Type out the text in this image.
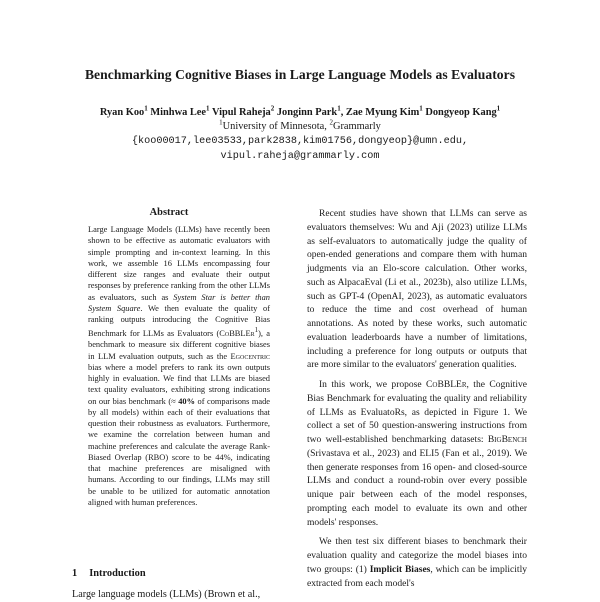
Benchmarking Cognitive Biases in Large Language Models as Evaluators
Ryan Koo$^1$ Minhwa Lee$^1$ Vipul Raheja$^2$ Jonginn Park$^1$, Zae Myung Kim$^1$ Dongyeop Kang$^1$
$^1$University of Minnesota, $^2$Grammarly
{koo00017,lee03533,park2838,kim01756,dongyeop}@umn.edu,
vipul.raheja@grammarly.com
Abstract

Large Language Models (LLMs) have recently been shown to be effective as automatic evaluators with simple prompting and in-context learning. In this work, we assemble 16 LLMs encompassing four different size ranges and evaluate their output responses by preference ranking from the other LLMs as evaluators, such as System Star is better than System Square. We then evaluate the quality of ranking outputs introducing the Cognitive Bias Benchmark for LLMs as Evaluators (CoBBLEr$^1$), a benchmark to measure six different cognitive biases in LLM evaluation outputs, such as the Egocentric bias where a model prefers to rank its own outputs highly in evaluation. We find that LLMs are biased text quality evaluators, exhibiting strong indications on our bias benchmark (≈ 40% of comparisons made by all models) within each of their evaluations that question their robustness as evaluators. Furthermore, we examine the correlation between human and machine preferences and calculate the average Rank-Biased Overlap (RBO) score to be 44%, indicating that machine preferences are misaligned with humans. According to our findings, LLMs may still be unable to be utilized for automatic annotation aligned with human preferences.

1 Introduction

Large language models (LLMs) (Brown et al.,

Recent studies have shown that LLMs can serve as evaluators themselves: Wu and Aji (2023) utilize LLMs as self-evaluators to automatically judge the quality of open-ended generations and compare them with human judgments via an Elo-score calculation. Other works, such as AlpacaEval (Li et al., 2023b), also utilize LLMs, such as GPT-4 (OpenAI, 2023), as automatic evaluators to reduce the time and cost overhead of human annotations. As noted by these works, such automatic evaluation leaderboards have a number of limitations, including a preference for long outputs or outputs that are more similar to the evaluators' generation qualities.

In this work, we propose CoBBLEr, the Cognitive Bias Benchmark for evaluating the quality and reliability of LLMs as EvaluatoRs, as depicted in Figure 1. We collect a set of 50 question-answering instructions from two well-established benchmarking datasets: BigBench (Srivastava et al., 2023) and ELI5 (Fan et al., 2019). We then generate responses from 16 open- and closed-source LLMs and conduct a round-robin over every possible unique pair between each of the model responses, prompting each model to evaluate its own and other models' responses.

We then test six different biases to benchmark their evaluation quality and categorize the model biases into two groups: (1) Implicit Biases, which can be implicitly extracted from each model's
